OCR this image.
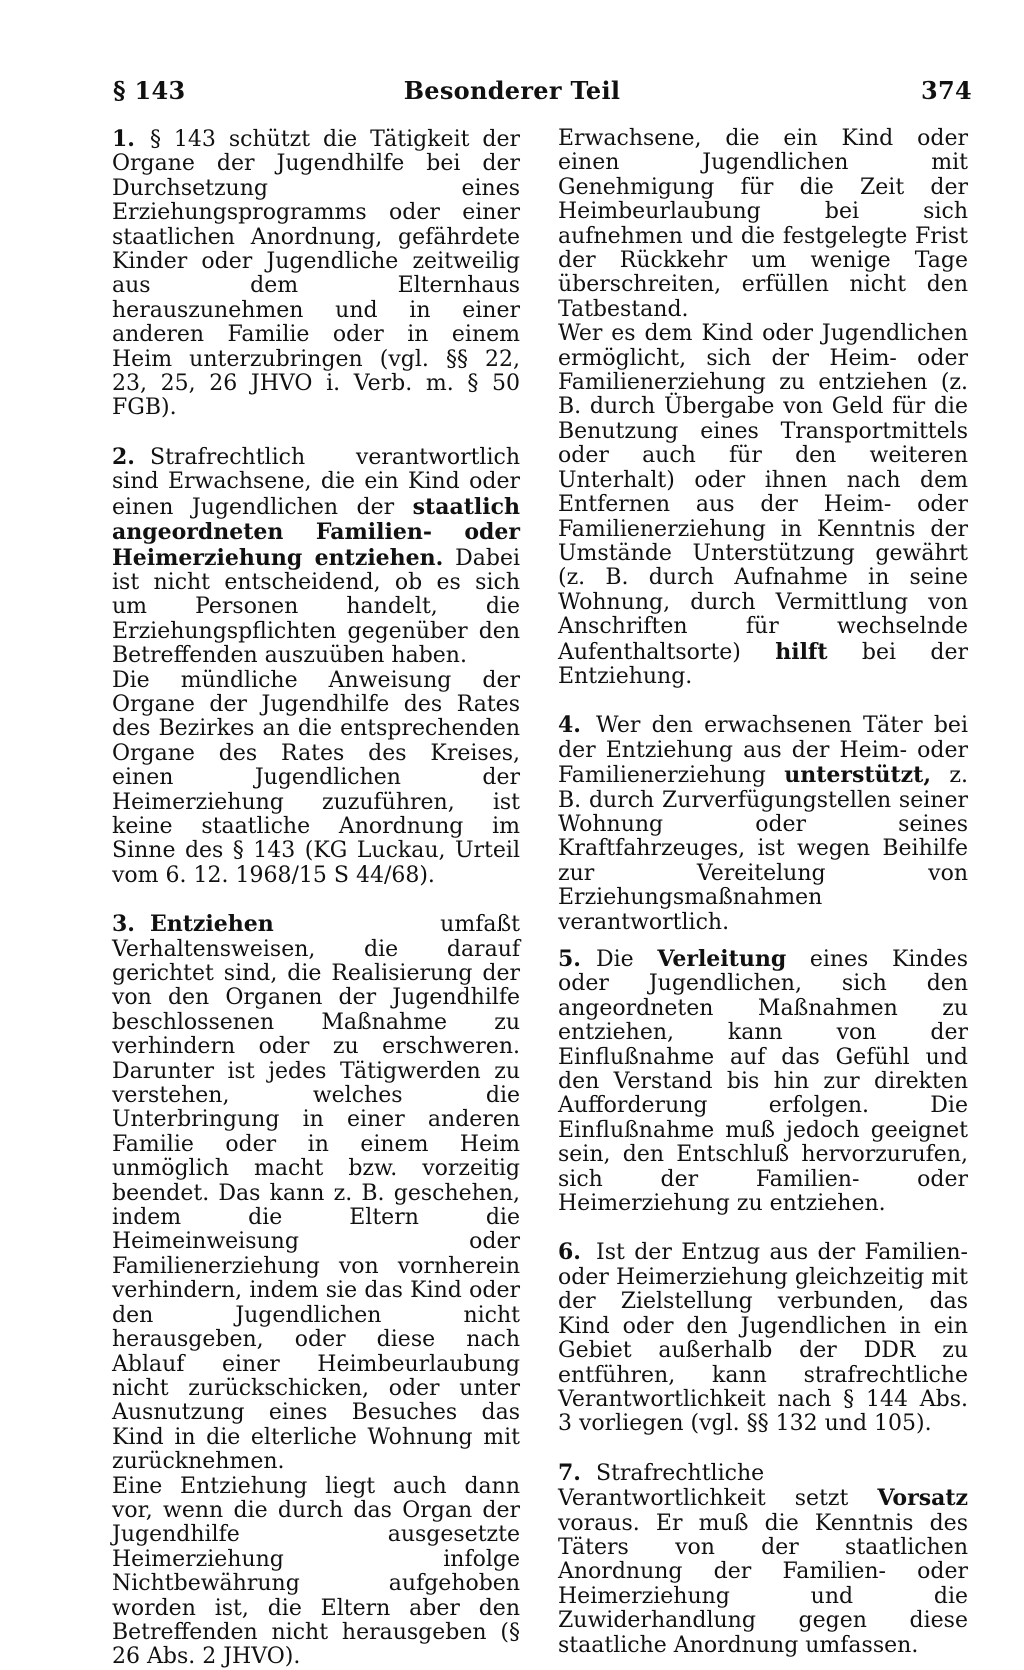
§ 143	Besonderer Teil	374

1. § 143 schützt die Tätigkeit der Organe der Jugendhilfe bei der Durchsetzung eines Erziehungsprogramms oder einer staatlichen Anordnung, gefährdete Kinder oder Jugendliche zeitweilig aus dem Elternhaus herauszunehmen und in einer anderen Familie oder in einem Heim unterzubringen (vgl. §§ 22, 23, 25, 26 JHVO i. Verb. m. § 50 FGB).

2. Strafrechtlich verantwortlich sind Erwachsene, die ein Kind oder einen Jugendlichen der staatlich angeordneten Familien- oder Heimerziehung entziehen. Dabei ist nicht entscheidend, ob es sich um Personen handelt, die Erziehungspflichten gegenüber den Betreffenden auszuüben haben.

Die mündliche Anweisung der Organe der Jugendhilfe des Rates des Bezirkes an die entsprechenden Organe des Rates des Kreises, einen Jugendlichen der Heimerziehung zuzuführen, ist keine staatliche Anordnung im Sinne des § 143 (KG Luckau, Urteil vom 6. 12. 1968/15 S 44/68).

3. Entziehen umfaßt Verhaltensweisen, die darauf gerichtet sind, die Realisierung der von den Organen der Jugendhilfe beschlossenen Maßnahme zu verhindern oder zu erschweren. Darunter ist jedes Tätigwerden zu verstehen, welches die Unterbringung in einer anderen Familie oder in einem Heim unmöglich macht bzw. vorzeitig beendet. Das kann z. B. geschehen, indem die Eltern die Heimeinweisung oder Familienerziehung von vornherein verhindern, indem sie das Kind oder den Jugendlichen nicht herausgeben, oder diese nach Ablauf einer Heimbeurlaubung nicht zurückschicken, oder unter Ausnutzung eines Besuches das Kind in die elterliche Wohnung mit zurücknehmen.

Eine Entziehung liegt auch dann vor, wenn die durch das Organ der Jugendhilfe ausgesetzte Heimerziehung infolge Nichtbewährung aufgehoben worden ist, die Eltern aber den Betreffenden nicht herausgeben (§ 26 Abs. 2 JHVO).

Erwachsene, die ein Kind oder einen Jugendlichen mit Genehmigung für die Zeit der Heimbeurlaubung bei sich aufnehmen und die festgelegte Frist der Rückkehr um wenige Tage überschreiten, erfüllen nicht den Tatbestand.

Wer es dem Kind oder Jugendlichen ermöglicht, sich der Heim- oder Familienerziehung zu entziehen (z. B. durch Übergabe von Geld für die Benutzung eines Transportmittels oder auch für den weiteren Unterhalt) oder ihnen nach dem Entfernen aus der Heim- oder Familienerziehung in Kenntnis der Umstände Unterstützung gewährt (z. B. durch Aufnahme in seine Wohnung, durch Vermittlung von Anschriften für wechselnde Aufenthaltsorte) hilft bei der Entziehung.

4. Wer den erwachsenen Täter bei der Entziehung aus der Heim- oder Familienerziehung unterstützt, z. B. durch Zurverfügungstellen seiner Wohnung oder seines Kraftfahrzeuges, ist wegen Beihilfe zur Vereitelung von Erziehungsmaßnahmen verantwortlich.

5. Die Verleitung eines Kindes oder Jugendlichen, sich den angeordneten Maßnahmen zu entziehen, kann von der Einflußnahme auf das Gefühl und den Verstand bis hin zur direkten Aufforderung erfolgen. Die Einflußnahme muß jedoch geeignet sein, den Entschluß hervorzurufen, sich der Familien- oder Heimerziehung zu entziehen.

6. Ist der Entzug aus der Familien- oder Heimerziehung gleichzeitig mit der Zielstellung verbunden, das Kind oder den Jugendlichen in ein Gebiet außerhalb der DDR zu entführen, kann strafrechtliche Verantwortlichkeit nach § 144 Abs. 3 vorliegen (vgl. §§ 132 und 105).

7. Strafrechtliche Verantwortlichkeit setzt Vorsatz voraus. Er muß die Kenntnis des Täters von der staatlichen Anordnung der Familien- oder Heimerziehung und die Zuwiderhandlung gegen diese staatliche Anordnung umfassen.
